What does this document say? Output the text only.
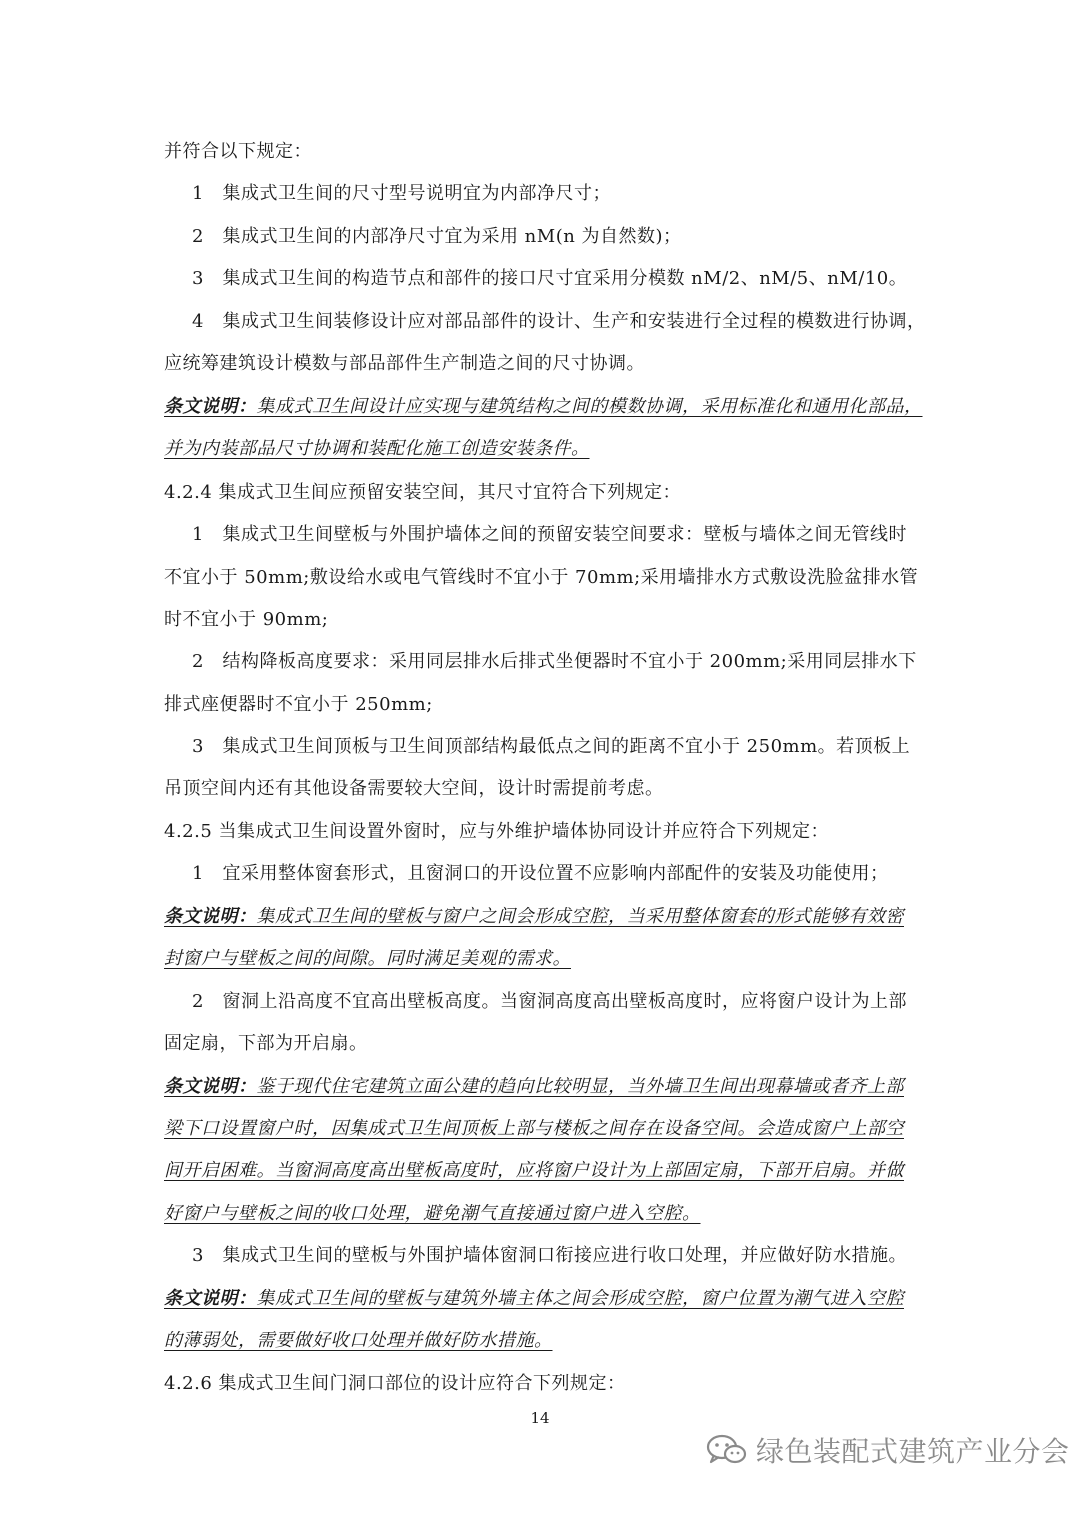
并符合以下规定：
1　集成式卫生间的尺寸型号说明宜为内部净尺寸；
2　集成式卫生间的内部净尺寸宜为采用 nM(n 为自然数)；
3　集成式卫生间的构造节点和部件的接口尺寸宜采用分模数 nM/2、nM/5、nM/10。
4　集成式卫生间装修设计应对部品部件的设计、生产和安装进行全过程的模数进行协调，
应统筹建筑设计模数与部品部件生产制造之间的尺寸协调。
条文说明：集成式卫生间设计应实现与建筑结构之间的模数协调，采用标准化和通用化部品，
并为内装部品尺寸协调和装配化施工创造安装条件。
4.2.4 集成式卫生间应预留安装空间，其尺寸宜符合下列规定：
1　集成式卫生间壁板与外围护墙体之间的预留安装空间要求：壁板与墙体之间无管线时
不宜小于 50mm;敷设给水或电气管线时不宜小于 70mm;采用墙排水方式敷设洗脸盆排水管
时不宜小于 90mm;
2　结构降板高度要求：采用同层排水后排式坐便器时不宜小于 200mm;采用同层排水下
排式座便器时不宜小于 250mm;
3　集成式卫生间顶板与卫生间顶部结构最低点之间的距离不宜小于 250mm。若顶板上
吊顶空间内还有其他设备需要较大空间，设计时需提前考虑。
4.2.5 当集成式卫生间设置外窗时，应与外维护墙体协同设计并应符合下列规定：
1　宜采用整体窗套形式，且窗洞口的开设位置不应影响内部配件的安装及功能使用；
条文说明：集成式卫生间的壁板与窗户之间会形成空腔，当采用整体窗套的形式能够有效密
封窗户与壁板之间的间隙。同时满足美观的需求。
2　窗洞上沿高度不宜高出壁板高度。当窗洞高度高出壁板高度时，应将窗户设计为上部
固定扇，下部为开启扇。
条文说明：鉴于现代住宅建筑立面公建的趋向比较明显，当外墙卫生间出现幕墙或者齐上部
梁下口设置窗户时，因集成式卫生间顶板上部与楼板之间存在设备空间。会造成窗户上部空
间开启困难。当窗洞高度高出壁板高度时，应将窗户设计为上部固定扇，下部开启扇。并做
好窗户与壁板之间的收口处理，避免潮气直接通过窗户进入空腔。
3　集成式卫生间的壁板与外围护墙体窗洞口衔接应进行收口处理，并应做好防水措施。
条文说明：集成式卫生间的壁板与建筑外墙主体之间会形成空腔，窗户位置为潮气进入空腔
的薄弱处，需要做好收口处理并做好防水措施。
4.2.6 集成式卫生间门洞口部位的设计应符合下列规定：
14
绿色装配式建筑产业分会
